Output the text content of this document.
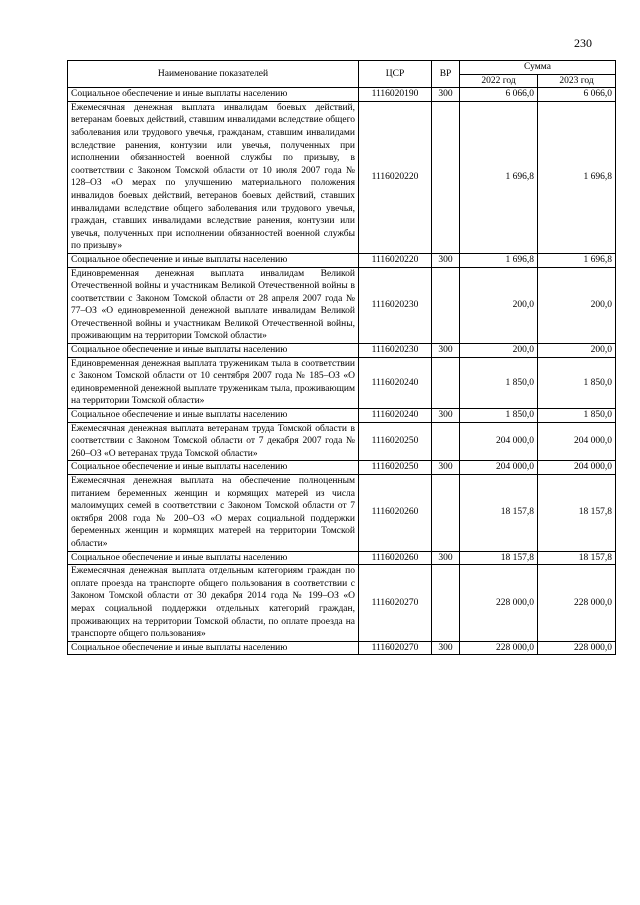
230
Наименование показателей	ЦСР	ВР	Сумма	
			2022 год	2023 год
Социальное обеспечение и иные выплаты населению	1116020190	300	6 066,0	6 066,0
Ежемесячная денежная выплата инвалидам боевых действий, ветеранам боевых действий, ставшим инвалидами вследствие общего заболевания или трудового увечья, гражданам, ставшим инвалидами вследствие ранения, контузии или увечья, полученных при исполнении обязанностей военной службы по призыву, в соответствии с Законом Томской области от 10 июля 2007 года № 128–ОЗ «О мерах по улучшению материального положения инвалидов боевых действий, ветеранов боевых действий, ставших инвалидами вследствие общего заболевания или трудового увечья, граждан, ставших инвалидами вследствие ранения, контузии или увечья, полученных при исполнении обязанностей военной службы по призыву»	1116020220		1 696,8	1 696,8
Социальное обеспечение и иные выплаты населению	1116020220	300	1 696,8	1 696,8
Единовременная денежная выплата инвалидам Великой Отечественной войны и участникам Великой Отечественной войны в соответствии с Законом Томской области от 28 апреля 2007 года № 77–ОЗ «О единовременной денежной выплате инвалидам Великой Отечественной войны и участникам Великой Отечественной войны, проживающим на территории Томской области»	1116020230		200,0	200,0
Социальное обеспечение и иные выплаты населению	1116020230	300	200,0	200,0
Единовременная денежная выплата труженикам тыла в соответствии с Законом Томской области от 10 сентября 2007 года № 185–ОЗ «О единовременной денежной выплате труженикам тыла, проживающим на территории Томской области»	1116020240		1 850,0	1 850,0
Социальное обеспечение и иные выплаты населению	1116020240	300	1 850,0	1 850,0
Ежемесячная денежная выплата ветеранам труда Томской области в соответствии с Законом Томской области от 7 декабря 2007 года № 260–ОЗ «О ветеранах труда Томской области»	1116020250		204 000,0	204 000,0
Социальное обеспечение и иные выплаты населению	1116020250	300	204 000,0	204 000,0
Ежемесячная денежная выплата на обеспечение полноценным питанием беременных женщин и кормящих матерей из числа малоимущих семей в соответствии с Законом Томской области от 7 октября 2008 года № 200–ОЗ «О мерах социальной поддержки беременных женщин и кормящих матерей на территории Томской области»	1116020260		18 157,8	18 157,8
Социальное обеспечение и иные выплаты населению	1116020260	300	18 157,8	18 157,8
Ежемесячная денежная выплата отдельным категориям граждан по оплате проезда на транспорте общего пользования в соответствии с Законом Томской области от 30 декабря 2014 года № 199–ОЗ «О мерах социальной поддержки отдельных категорий граждан, проживающих на территории Томской области, по оплате проезда на транспорте общего пользования»	1116020270		228 000,0	228 000,0
Социальное обеспечение и иные выплаты населению	1116020270	300	228 000,0	228 000,0
